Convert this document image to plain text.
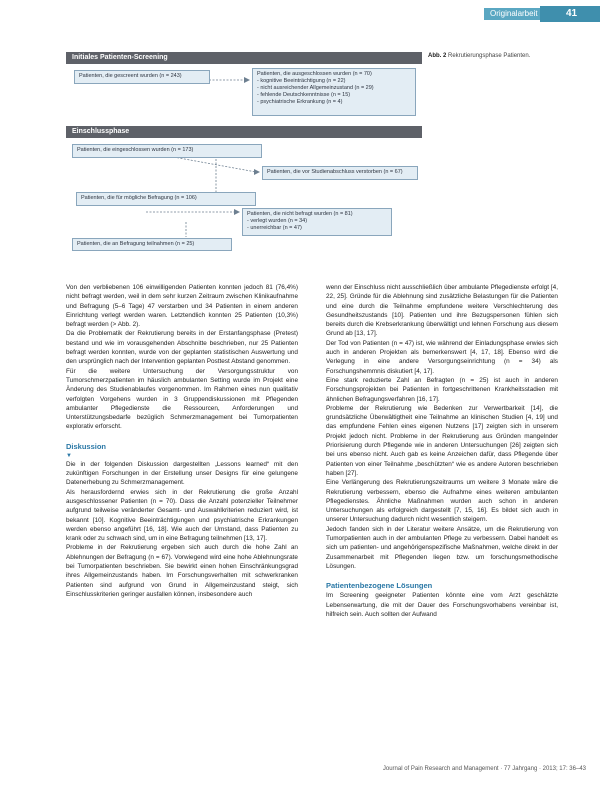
Originalarbeit	41
Initiales Patienten-Screening
Patienten, die gescreent wurden (n = 243)	Patienten, die ausgeschlossen wurden (n = 70)
- kognitive Beeinträchtigung (n = 22)
- nicht ausreichender Allgemeinzustand (n = 29)
- fehlende Deutschkenntnisse (n = 15)
- psychiatrische Erkrankung (n = 4)
Einschlussphase
Patienten, die eingeschlossen wurden (n = 173)
Patienten, die vor Studienabschluss verstorben (n = 67)
Patienten, die für mögliche Befragung (n = 106)
Patienten, die nicht befragt wurden (n = 81)
- verlegt wurden (n = 34)
- unerreichbar (n = 47)
Patienten, die an Befragung teilnahmen (n = 25)
Abb. 2 Rekrutierungsphase Patienten.

Von den verbliebenen 106 einwilligenden Patienten konnten jedoch 81 (76,4%) nicht befragt werden, weil in dem sehr kurzen Zeitraum zwischen Klinikaufnahme und Befragung (5–6 Tage) 47 verstarben und 34 Patienten in einem anderen Einrichtung verlegt werden waren. Letztendlich konnten 25 Patienten (10,3%) befragt werden (> Abb. 2).

Da die Problematik der Rekrutierung bereits in der Erstanfangsphase (Pretest) bestand und wie im vorausgehenden Abschnitte beschrieben, nur 25 Patienten befragt werden konnten, wurde von der geplanten statistischen Auswertung und den ursprünglich nach der Intervention geplanten Posttest Abstand genommen.

Für die weitere Untersuchung der Versorgungsstruktur von Tumorschmerzpatienten im häuslich ambulanten Setting wurde im Projekt eine Änderung des Studienablaufes vorgenommen. Im Rahmen eines nun qualitativ verfolgten Vorgehens wurden in 3 Gruppendiskussionen mit Pflegenden ambulanter Pflegedienste die Ressourcen, Anforderungen und Unterstützungsbedarfe bezüglich Schmerzmanagement bei Tumorpatienten explorativ erforscht.

Diskussion
▼

Die in der folgenden Diskussion dargestellten „Lessons learned“ mit den zukünftigen Forschungen in der Erstellung unser Designs für eine gelungene Datenerhebung zu Schmerzmanagement.

Als herausfordernd erwies sich in der Rekrutierung die große Anzahl ausgeschlossener Patienten (n = 70). Dass die Anzahl potenzieller Teilnehmer aufgrund teilweise veränderter Gesamt- und Auswahlkriterien reduziert wird, ist bekannt [10]. Kognitive Beeinträchtigungen und psychiatrische Erkrankungen werden ebenso angeführt [16, 18]. Wie auch der Umstand, dass Patienten zu krank oder zu schwach sind, um in eine Befragung teilnehmen [13, 17].

Probleme in der Rekrutierung ergeben sich auch durch die hohe Zahl an Ablehnungen der Befragung (n = 67). Vorwiegend wird eine hohe Ablehnungsrate bei Tumorpatienten beschrieben. Sie bewirkt einen hohen Einschränkungsgrad ihres Allgemeinzustands haben. Im Forschungsverhalten mit schwerkranken Patienten sind aufgrund von Grund in Allgemeinzustand steigt, sich Einschlusskriterien geringer ausfallen können, insbesondere auch

wenn der Einschluss nicht ausschließlich über ambulante Pflegedienste erfolgt [4, 22, 25]. Gründe für die Ablehnung sind zusätzliche Belastungen für die Patienten und eine durch die Teilnahme empfundene weitere Verschlechterung des Gesundheitszustands [10]. Patienten und ihre Bezugspersonen fühlen sich bereits durch die Krebserkrankung überwältigt und lehnen Forschung aus diesem Grund ab [13, 17].

Der Tod von Patienten (n = 47) ist, wie während der Einladungsphase erwies sich auch in anderen Projekten als bemerkenswert [4, 17, 18]. Ebenso wird die Verlegung in eine andere Versorgungseinrichtung (n = 34) als Forschungshemmnis diskutiert [4, 17].

Eine stark reduzierte Zahl an Befragten (n = 25) ist auch in anderen Forschungsprojekten bei Patienten in fortgeschrittenen Krankheitsstadien mit ähnlichen Befragungsverfahren [16, 17].

Probleme der Rekrutierung wie Bedenken zur Verwertbarkeit [14], die grundsätzliche Überwältigtheit eine Teilnahme an klinischen Studien [4, 19] und das empfundene Fehlen eines eigenen Nutzens [17] zeigten sich in unserem Projekt jedoch nicht. Probleme in der Rekrutierung aus Gründen mangelnder Priorisierung durch Pflegende wie in anderen Untersuchungen [26] zeigten sich bei uns ebenso nicht. Auch gab es keine Anzeichen dafür, dass Pflegende über Patienten von einer Teilnahme „beschützten“ wie es andere Autoren beschrieben haben [27].

Eine Verlängerung des Rekrutierungszeitraums um weitere 3 Monate wäre die Rekrutierung verbessern, ebenso die Aufnahme eines weiteren ambulanten Pflegedienstes. Ähnliche Maßnahmen wurden auch schon in anderen Untersuchungen als erfolgreich dargestellt [7, 15, 16]. Es bildet sich auch in unserer Untersuchung dadurch nicht wesentlich steigern.

Jedoch fanden sich in der Literatur weitere Ansätze, um die Rekrutierung von Tumorpatienten auch in der ambulanten Pflege zu verbessern. Dabei handelt es sich um patienten- und angehörigenspezifische Maßnahmen, welche direkt in der Zusammenarbeit mit Pflegenden liegen bzw. um forschungsmethodische Lösungen.

Patientenbezogene Lösungen

Im Screening geeigneter Patienten könnte eine vom Arzt geschätzte Lebenserwartung, die mit der Dauer des Forschungsvorhabens vereinbar ist, hilfreich sein. Auch sollten der Aufwand

Journal of Pain Research and Management · 77 Jahrgang · 2013; 17: 36–43
